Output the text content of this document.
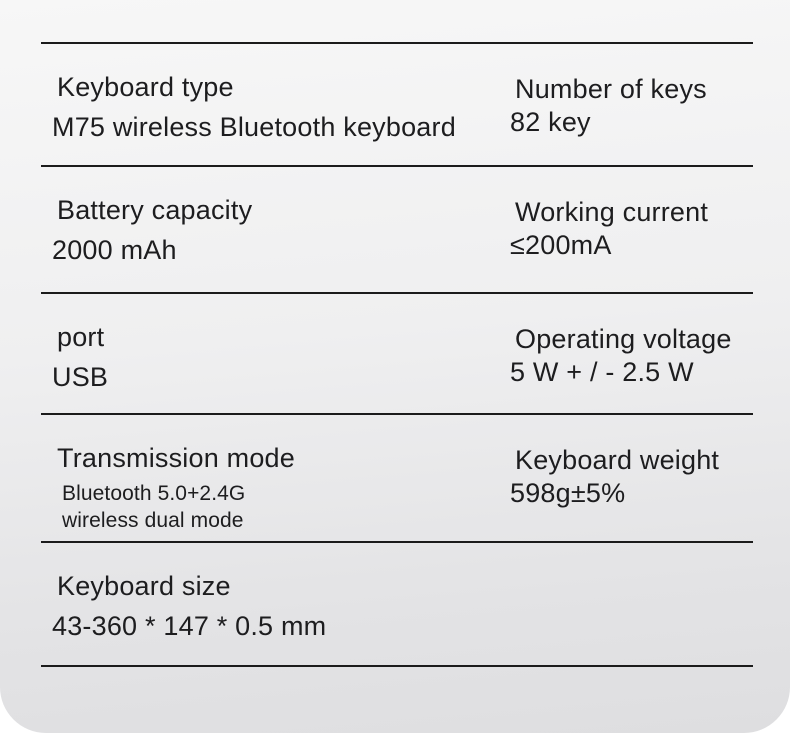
Keyboard type
M75 wireless Bluetooth keyboard
Number of keys
82 key
Battery capacity
2000 mAh
Working current
≤200mA
port
USB
Operating voltage
5 W + / - 2.5 W
Transmission mode
Bluetooth 5.0+2.4G
wireless dual mode
Keyboard weight
598g±5%
Keyboard size
43-360 * 147 * 0.5 mm
